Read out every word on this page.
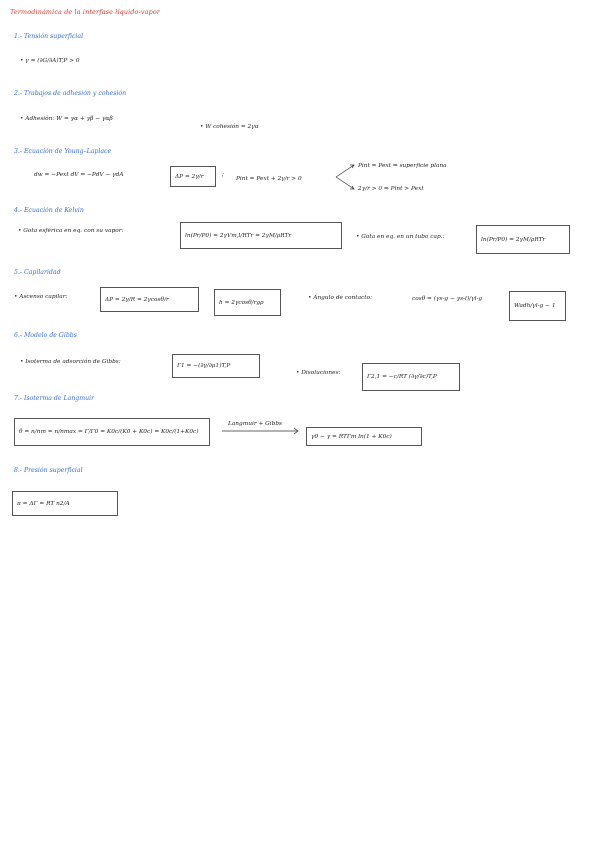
Termodinámica de la interfase líquido-vapor
1.- Tensión superficial
• γ = (∂G/∂A)T,P > 0
2.- Trabajos de adhesión y cohesión
• Adhesión: W = γα + γβ − γαβ
• W cohesión = 2γα
3.- Ecuación de Young–Laplace
dw = −Pext dV = −PdV − γdA	ΔP = 2γ/r	;
Pint = Pext + 2γ/r > 0
Pint = Pext ⇒ superficie plana
2γ/r > 0 ⇒ Pint > Pext
4.- Ecuación de Kelvin
• Gota esférica en eq. con su vapor:
ln(Pr/P0) = 2γVm,l/RTr = 2γM/ρRTr	• Gota en eq. en un tubo cap.:	ln(Pr/P0) = 2γM/ρRTr
5.- Capilaridad
• Ascenso capilar:	ΔP = 2γ/R = 2γcosθ/r	h = 2γcosθ/rgρ
• Ángulo de contacto:	cosθ = (γs-g − γs-l)/γl-g
Wadh/γl-g − 1
6.- Modelo de Gibbs
• Isoterma de adsorción de Gibbs:
Γ1 = −(∂γ/∂μ1)T,P
• Disoluciones:
Γ2,1 = −c/RT (∂γ/∂c)T,P
7.- Isoterma de Langmuir
θ = n/nm = n/nmax = Γ/Γ0 = K0c/(K0 + K0c) = K0c/(1+K0c)
Langmuir + Gibbs
γ0 − γ = RTΓm ln(1 + K0c)
8.- Presión superficial
π = ΔΓ = RT n2/A
